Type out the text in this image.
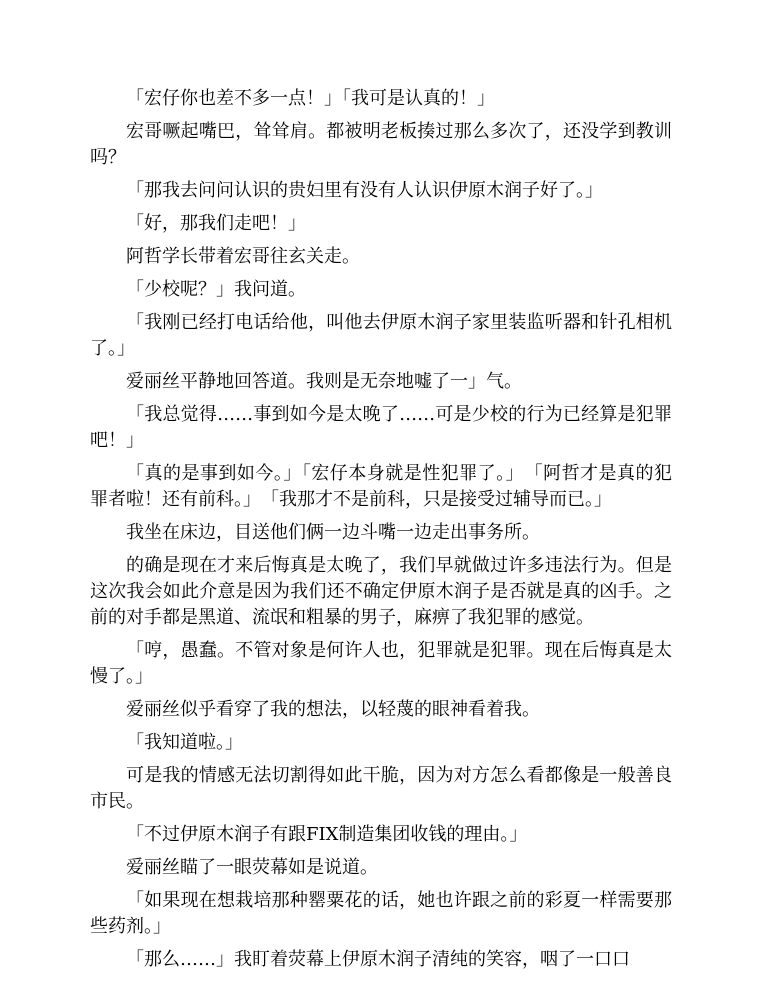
「宏仔你也差不多一点！」「我可是认真的！」

宏哥噘起嘴巴，耸耸肩。都被明老板揍过那么多次了，还没学到教训吗？

「那我去问问认识的贵妇里有没有人认识伊原木润子好了。」

「好，那我们走吧！」

阿哲学长带着宏哥往玄关走。

「少校呢？」我问道。

「我刚已经打电话给他，叫他去伊原木润子家里装监听器和针孔相机了。」

爱丽丝平静地回答道。我则是无奈地嘘了一」气。

「我总觉得……事到如今是太晚了……可是少校的行为已经算是犯罪吧！」

「真的是事到如今。」「宏仔本身就是性犯罪了。」　「阿哲才是真的犯罪者啦！还有前科。」　「我那才不是前科，只是接受过辅导而已。」

我坐在床边，目送他们俩一边斗嘴一边走出事务所。

的确是现在才来后悔真是太晚了，我们早就做过许多违法行为。但是这次我会如此介意是因为我们还不确定伊原木润子是否就是真的凶手。之前的对手都是黑道、流氓和粗暴的男子，麻痹了我犯罪的感觉。

「哼，愚蠢。不管对象是何许人也，犯罪就是犯罪。现在后悔真是太慢了。」

爱丽丝似乎看穿了我的想法，以轻蔑的眼神看着我。

「我知道啦。」

可是我的情感无法切割得如此干脆，因为对方怎么看都像是一般善良市民。

「不过伊原木润子有跟FIX制造集团收钱的理由。」

爱丽丝瞄了一眼荧幕如是说道。

「如果现在想栽培那种罂粟花的话，她也许跟之前的彩夏一样需要那些药剂。」

「那么……」我盯着荧幕上伊原木润子清纯的笑容，咽了一口口
